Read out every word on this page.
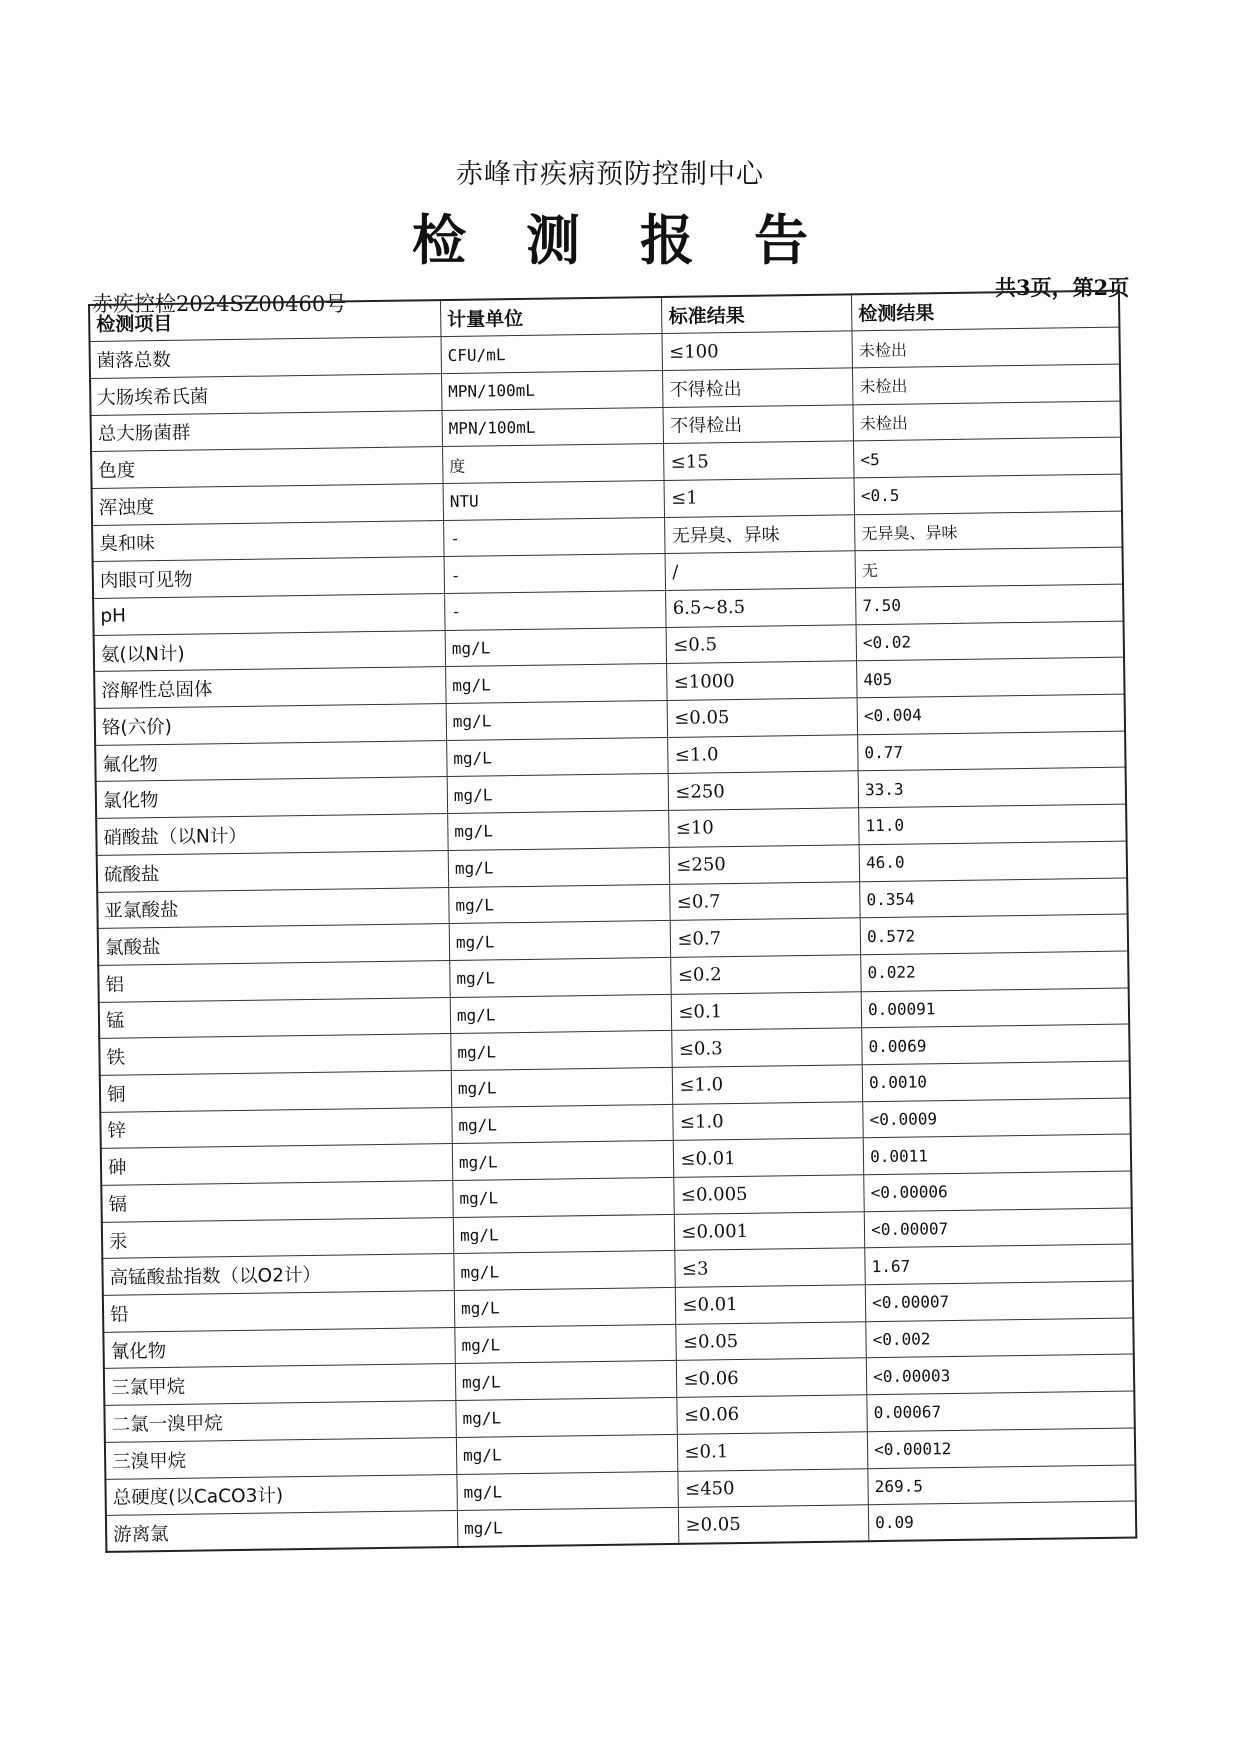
赤峰市疾病预防控制中心
检 测 报 告
赤疾控检2024SZ00460号
共3页，第2页
检测项目	计量单位	标准结果	检测结果
菌落总数	CFU/mL	≤100	未检出
大肠埃希氏菌	MPN/100mL	不得检出	未检出
总大肠菌群	MPN/100mL	不得检出	未检出
色度	度	≤15	<5
浑浊度	NTU	≤1	<0.5
臭和味	-	无异臭、异味	无异臭、异味
肉眼可见物	-	/	无
pH	-	6.5~8.5	7.50
氨(以N计)	mg/L	≤0.5	<0.02
溶解性总固体	mg/L	≤1000	405
铬(六价)	mg/L	≤0.05	<0.004
氟化物	mg/L	≤1.0	0.77
氯化物	mg/L	≤250	33.3
硝酸盐（以N计）	mg/L	≤10	11.0
硫酸盐	mg/L	≤250	46.0
亚氯酸盐	mg/L	≤0.7	0.354
氯酸盐	mg/L	≤0.7	0.572
铝	mg/L	≤0.2	0.022
锰	mg/L	≤0.1	0.00091
铁	mg/L	≤0.3	0.0069
铜	mg/L	≤1.0	0.0010
锌	mg/L	≤1.0	<0.0009
砷	mg/L	≤0.01	0.0011
镉	mg/L	≤0.005	<0.00006
汞	mg/L	≤0.001	<0.00007
高锰酸盐指数（以O2计）	mg/L	≤3	1.67
铅	mg/L	≤0.01	<0.00007
氰化物	mg/L	≤0.05	<0.002
三氯甲烷	mg/L	≤0.06	<0.00003
二氯一溴甲烷	mg/L	≤0.06	0.00067
三溴甲烷	mg/L	≤0.1	<0.00012
总硬度(以CaCO3计)	mg/L	≤450	269.5
游离氯	mg/L	≥0.05	0.09
